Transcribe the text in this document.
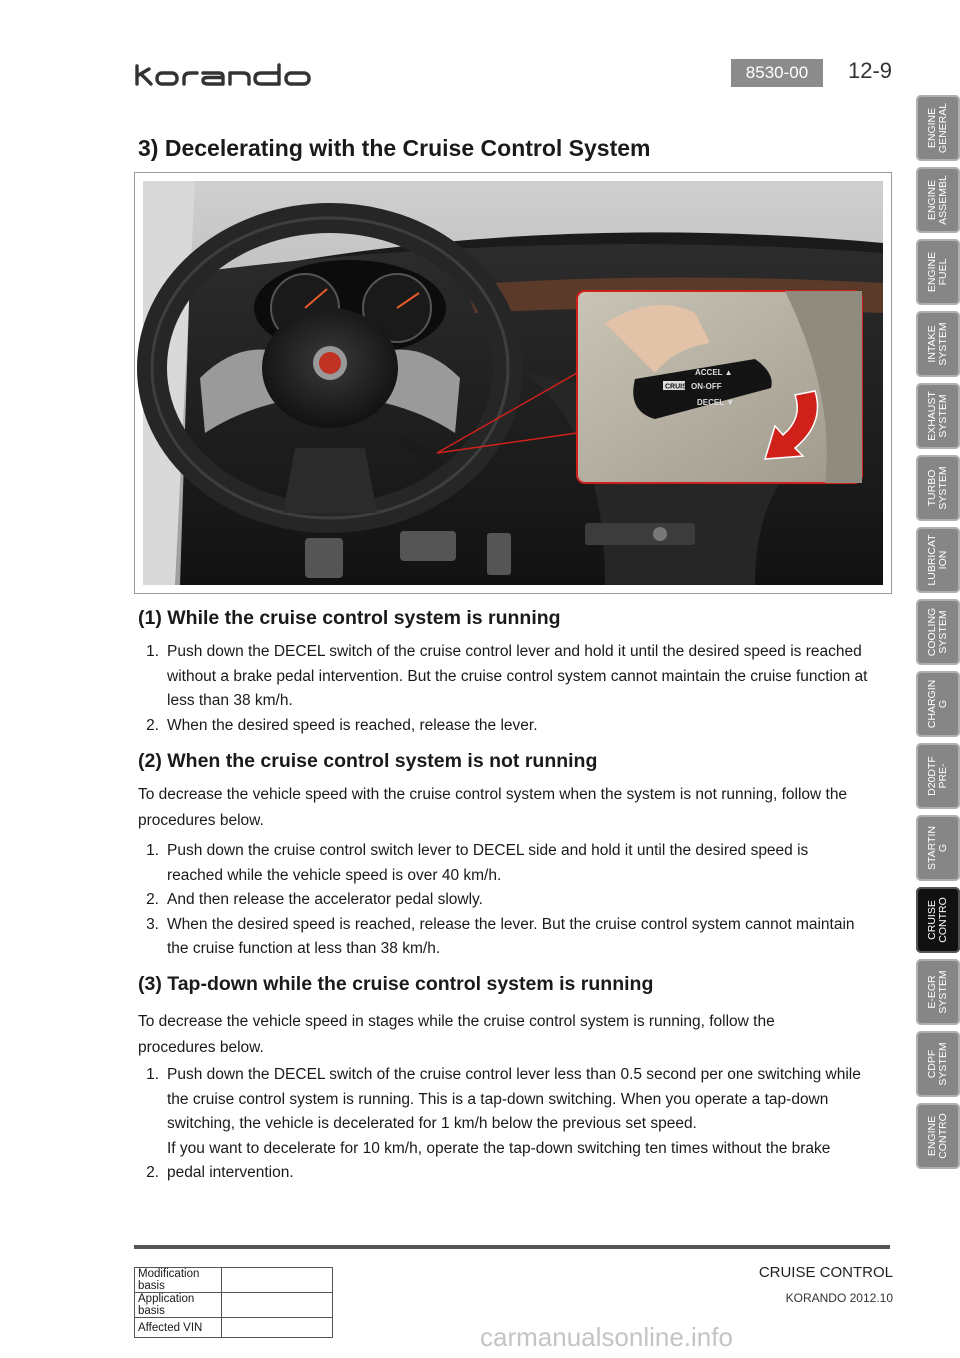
8530-00	12-9
3) Decelerating with the Cruise Control System
ACCEL ▲
CRUISE ON-OFF
DECEL ▼
(1) While the cruise control system is running
1. Push down the DECEL switch of the cruise control lever and hold it until the desired speed is reached
without a brake pedal intervention. But the cruise control system cannot maintain the cruise function at
less than 38 km/h.
2. When the desired speed is reached, release the lever.
(2) When the cruise control system is not running

To decrease the vehicle speed with the cruise control system when the system is not running, follow the
procedures below.

1. Push down the cruise control switch lever to DECEL side and hold it until the desired speed is
reached while the vehicle speed is over 40 km/h.
2. And then release the accelerator pedal slowly.
3. When the desired speed is reached, release the lever. But the cruise control system cannot maintain
the cruise function at less than 38 km/h.
(3) Tap-down while the cruise control system is running

To decrease the vehicle speed in stages while the cruise control system is running, follow the
procedures below.

1. Push down the DECEL switch of the cruise control lever less than 0.5 second per one switching while
the cruise control system is running. This is a tap-down switching. When you operate a tap-down
switching, the vehicle is decelerated for 1 km/h below the previous set speed.
If you want to decelerate for 10 km/h, operate the tap-down switching ten times without the brake
2. pedal intervention.
ENGINE
GENERAL
ENGINE
ASSEMBL
ENGINE
FUEL
INTAKE
SYSTEM
EXHAUST
SYSTEM
TURBO
SYSTEM
LUBRICAT
ION
COOLING
SYSTEM
CHARGIN
G
D20DTF
PRE-
STARTIN
G
CRUISE
CONTRO
E-EGR
SYSTEM
CDPF
SYSTEM
ENGINE
CONTRO
Modification basis	
Application basis	
Affected VIN	
CRUISE CONTROL
KORANDO 2012.10
carmanualsonline.info
